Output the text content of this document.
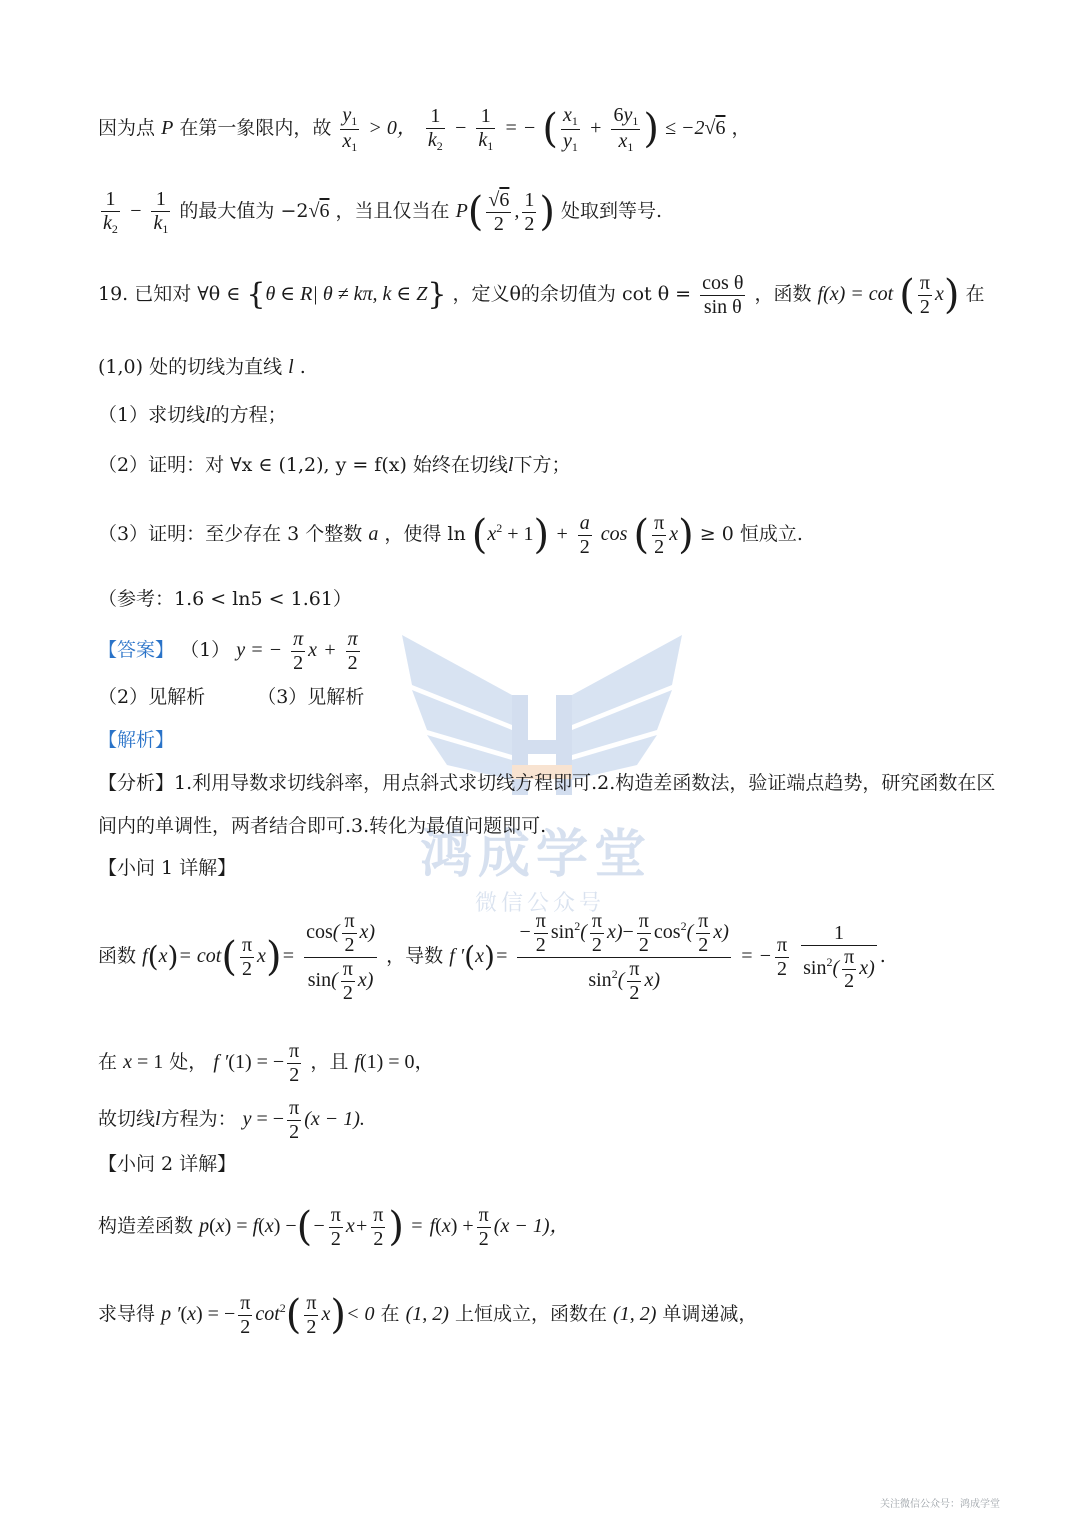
鸿成学堂
微信公众号
因为点 P 在第一象限内，故 $\frac{y_1}{x_1} > 0$， $\frac{1}{k_2} - \frac{1}{k_1}$ = − ( $\frac{x_1}{y_1} + \frac{6y_1}{x_1}$ ) ≤ −2√6 ，
$\frac{1}{k_2} - \frac{1}{k_1}$ 的最大值为 −2√6 ，当且仅当在 $P( \frac{√6}{2}$ , $\frac{1}{2}$ ) 处取到等号.
19. 已知对 ∀θ ∈ {θ ∈ R| θ ≠ kπ, k ∈ Z} ，定义θ的余切值为 $\cot \theta = \frac{\text{cos θ}}{\text{sin θ}}$ ，函数 f(x) = cot ( $\frac{\pi}{2} x$) 在
(1,0) 处的切线为直线 l .
（1）求切线l的方程；
（2）证明：对 ∀x ∈ (1,2), y = f(x) 始终在切线l下方；
（3）证明：至少存在 3 个整数 a ，使得 $\ln (x^2 + 1) + \frac{a}{2}$ cos ( $\frac{\pi}{2} x) \ge 0$ 恒成立.
（参考：1.6 < ln5 < 1.61）
【答案】 （1） y = − $\frac{\pi}{2}$ $x + \frac{\pi}{2}$
（2）见解析	（3）见解析
【解析】
【分析】1.利用导数求切线斜率，用点斜式求切线方程即可.2.构造差函数法，验证端点趋势，研究函数在区
间内的单调性，两者结合即可.3.转化为最值问题即可.
【小问 1 详解】
函数 $f(x)= \cot( \frac{\pi}{2} x)= \frac{\cos( \frac{\pi}{2} x)}{\sin( \frac{\pi}{2} x)}$ ，导数 f $'(x)= \frac{- \frac{\pi}{2} \sin^2( \frac{\pi}{2} x)- \frac{\pi}{2} \cos^2( \frac{\pi}{2} x)}{\sin^2( \frac{\pi}{2} x)}$ = − $\frac{\pi}{2}$
$\frac{1}{\sin^2( \frac{\pi}{2} x)}$ .
在 x = 1 处， f ′(1) = − $\frac{\pi}{2}$ ，且 f(1) = 0，
故切线l方程为： y = − $\frac{\pi}{2} (x - 1)$.
【小问 2 详解】
构造差函数 p(x) = f(x) −(− $\frac{\pi}{2} x+ \frac{\pi}{2}$ ) = $f(x) + \frac{\pi}{2} (x - 1)$，
求导得 p ′(x) = − $\frac{\pi}{2} \cot^2( \frac{\pi}{2} x)< 0$ 在 (1, 2) 上恒成立，函数在 (1, 2) 单调递减，
关注微信公众号：鸿成学堂
